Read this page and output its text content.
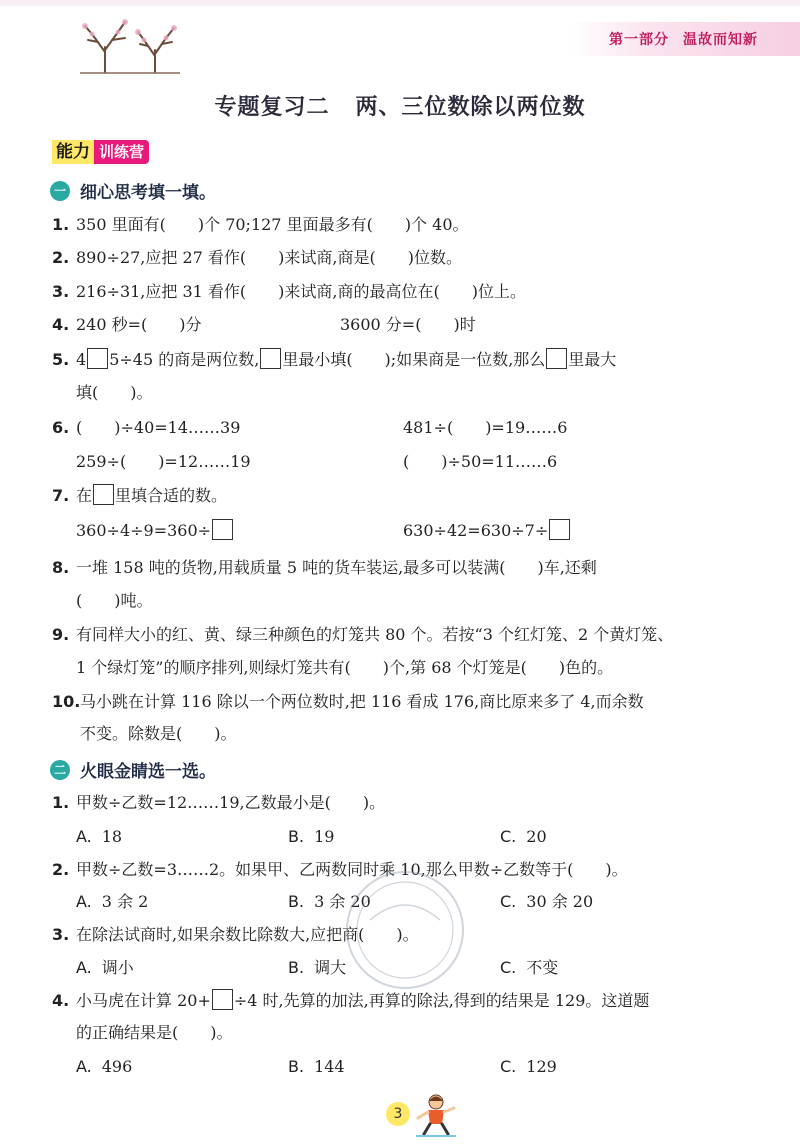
第一部分 温故而知新
专题复习二 两、三位数除以两位数
能力 训练营
一 细心思考填一填。
1. 350 里面有(　　)个 70;127 里面最多有(　　)个 40。
2. 890÷27,应把 27 看作(　　)来试商,商是(　　)位数。
3. 216÷31,应把 31 看作(　　)来试商,商的最高位在(　　)位上。
4. 240 秒=(　　)分	3600 分=(　　)时
5. 4 5÷45 的商是两位数, 里最小填(　　);如果商是一位数,那么 里最大
填(　　)。
6. (　　)÷40=14……39	481÷(　　)=19……6
259÷(　　)=12……19	(　　)÷50=11……6
7. 在 里填合适的数。
360÷4÷9=360÷	630÷42=630÷7÷
8. 一堆 158 吨的货物,用载质量 5 吨的货车装运,最多可以装满(　　)车,还剩
(　　)吨。
9. 有同样大小的红、黄、绿三种颜色的灯笼共 80 个。若按“3 个红灯笼、2 个黄灯笼、
1 个绿灯笼”的顺序排列,则绿灯笼共有(　　)个,第 68 个灯笼是(　　)色的。
10.马小跳在计算 116 除以一个两位数时,把 116 看成 176,商比原来多了 4,而余数
不变。除数是(　　)。
二 火眼金睛选一选。
1. 甲数÷乙数=12……19,乙数最小是(　　)。
A. 18	B. 19	C. 20
2. 甲数÷乙数=3……2。如果甲、乙两数同时乘 10,那么甲数÷乙数等于(　　)。
A. 3 余 2	B. 3 余 20	C. 30 余 20
3. 在除法试商时,如果余数比除数大,应把商(　　)。
A. 调小	B. 调大	C. 不变
4. 小马虎在计算 20+ ÷4 时,先算的加法,再算的除法,得到的结果是 129。这道题
的正确结果是(　　)。
A. 496	B. 144	C. 129
3
